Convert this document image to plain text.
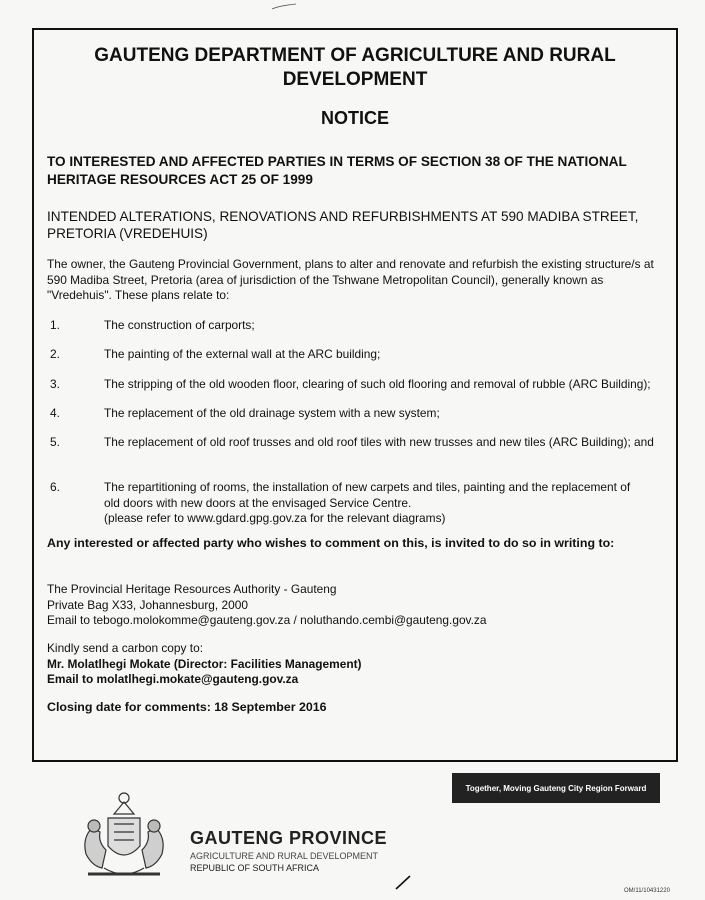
GAUTENG DEPARTMENT OF AGRICULTURE AND RURAL DEVELOPMENT
NOTICE
TO INTERESTED AND AFFECTED PARTIES IN TERMS OF SECTION 38 OF THE NATIONAL HERITAGE RESOURCES ACT 25 OF 1999
INTENDED ALTERATIONS, RENOVATIONS AND REFURBISHMENTS AT 590 MADIBA STREET, PRETORIA (VREDEHUIS)
The owner, the Gauteng Provincial Government, plans to alter and renovate and refurbish the existing structure/s at 590 Madiba Street, Pretoria (area of jurisdiction of the Tshwane Metropolitan Council), generally known as "Vredehuis". These plans relate to:
1.	The construction of carports;
2.	The painting of the external wall at the ARC building;
3.	The stripping of the old wooden floor, clearing of such old flooring and removal of rubble (ARC Building);
4.	The replacement of the old drainage system with a new system;
5.	The replacement of old roof trusses and old roof tiles with new trusses and new tiles (ARC Building); and
6.	The repartitioning of rooms, the installation of new carpets and tiles, painting and the replacement of old doors with new doors at the envisaged Service Centre.
(please refer to www.gdard.gpg.gov.za for the relevant diagrams)
Any interested or affected party who wishes to comment on this, is invited to do so in writing to:
The Provincial Heritage Resources Authority - Gauteng
Private Bag X33, Johannesburg, 2000
Email to tebogo.molokomme@gauteng.gov.za / noluthando.cembi@gauteng.gov.za
Kindly send a carbon copy to:
Mr. Molatlhegi Mokate (Director: Facilities Management)
Email to molatlhegi.mokate@gauteng.gov.za
Closing date for comments: 18 September 2016
Together, Moving Gauteng City Region Forward
GAUTENG PROVINCE
AGRICULTURE AND RURAL DEVELOPMENT
REPUBLIC OF SOUTH AFRICA
OM/11/10431220
